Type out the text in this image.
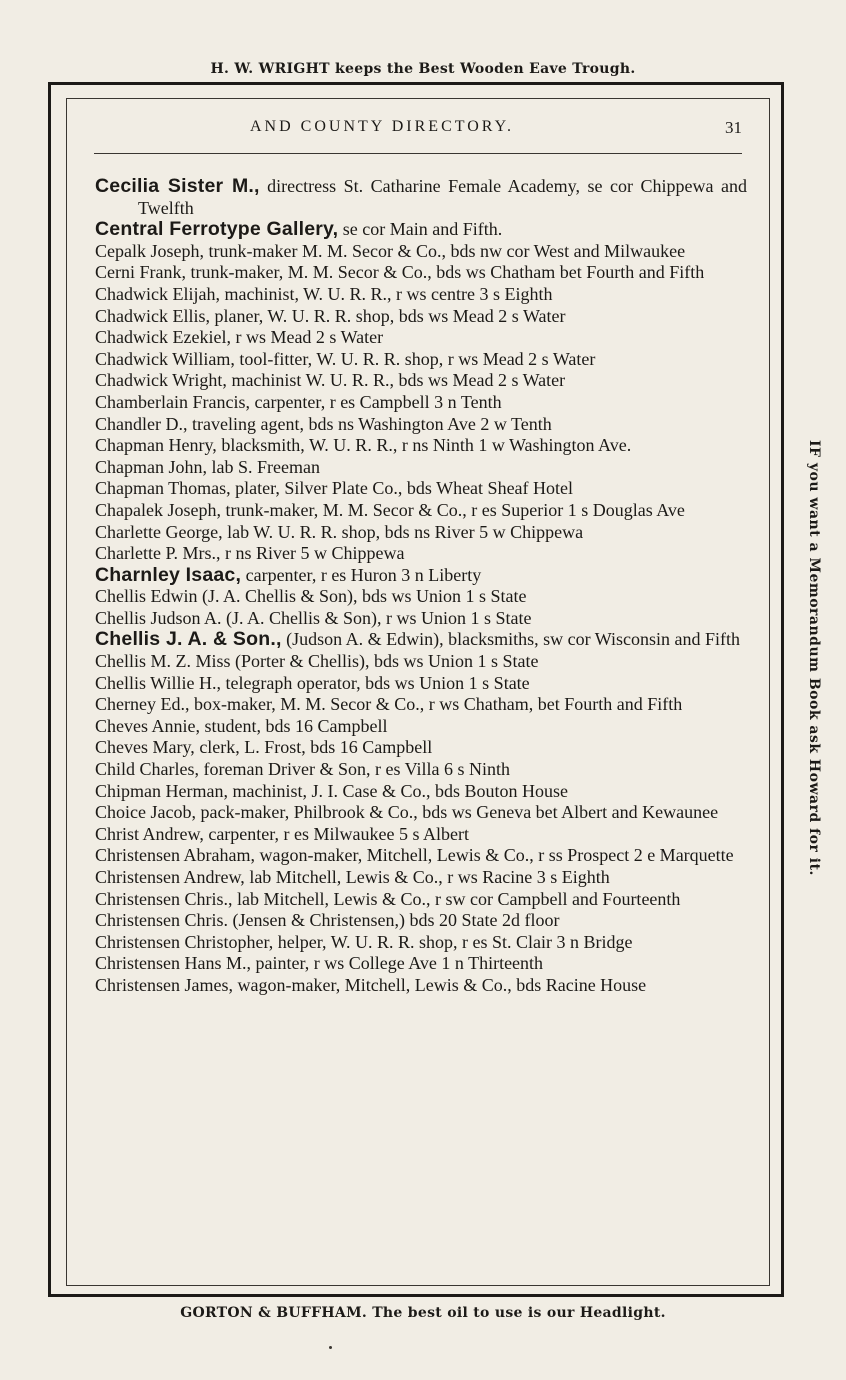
H. W. WRIGHT keeps the Best Wooden Eave Trough.
AND COUNTY DIRECTORY.	31
Cecilia Sister M., directress St. Catharine Female Academy, se cor Chippewa and Twelfth
Central Ferrotype Gallery, se cor Main and Fifth.
Cepalk Joseph, trunk-maker M. M. Secor & Co., bds nw cor West and Milwaukee
Cerni Frank, trunk-maker, M. M. Secor & Co., bds ws Chatham bet Fourth and Fifth
Chadwick Elijah, machinist, W. U. R. R., r ws centre 3 s Eighth
Chadwick Ellis, planer, W. U. R. R. shop, bds ws Mead 2 s Water
Chadwick Ezekiel, r ws Mead 2 s Water
Chadwick William, tool-fitter, W. U. R. R. shop, r ws Mead 2 s Water
Chadwick Wright, machinist W. U. R. R., bds ws Mead 2 s Water
Chamberlain Francis, carpenter, r es Campbell 3 n Tenth
Chandler D., traveling agent, bds ns Washington Ave 2 w Tenth
Chapman Henry, blacksmith, W. U. R. R., r ns Ninth 1 w Washington Ave.
Chapman John, lab S. Freeman
Chapman Thomas, plater, Silver Plate Co., bds Wheat Sheaf Hotel
Chapalek Joseph, trunk-maker, M. M. Secor & Co., r es Superior 1 s Douglas Ave
Charlette George, lab W. U. R. R. shop, bds ns River 5 w Chippewa
Charlette P. Mrs., r ns River 5 w Chippewa
Charnley Isaac, carpenter, r es Huron 3 n Liberty
Chellis Edwin (J. A. Chellis & Son), bds ws Union 1 s State
Chellis Judson A. (J. A. Chellis & Son), r ws Union 1 s State
Chellis J. A. & Son., (Judson A. & Edwin), blacksmiths, sw cor Wisconsin and Fifth
Chellis M. Z. Miss (Porter & Chellis), bds ws Union 1 s State
Chellis Willie H., telegraph operator, bds ws Union 1 s State
Cherney Ed., box-maker, M. M. Secor & Co., r ws Chatham, bet Fourth and Fifth
Cheves Annie, student, bds 16 Campbell
Cheves Mary, clerk, L. Frost, bds 16 Campbell
Child Charles, foreman Driver & Son, r es Villa 6 s Ninth
Chipman Herman, machinist, J. I. Case & Co., bds Bouton House
Choice Jacob, pack-maker, Philbrook & Co., bds ws Geneva bet Albert and Kewaunee
Christ Andrew, carpenter, r es Milwaukee 5 s Albert
Christensen Abraham, wagon-maker, Mitchell, Lewis & Co., r ss Prospect 2 e Marquette
Christensen Andrew, lab Mitchell, Lewis & Co., r ws Racine 3 s Eighth
Christensen Chris., lab Mitchell, Lewis & Co., r sw cor Campbell and Fourteenth
Christensen Chris. (Jensen & Christensen,) bds 20 State 2d floor
Christensen Christopher, helper, W. U. R. R. shop, r es St. Clair 3 n Bridge
Christensen Hans M., painter, r ws College Ave 1 n Thirteenth
Christensen James, wagon-maker, Mitchell, Lewis & Co., bds Racine House
IF you want a Memorandum Book ask Howard for it.
GORTON & BUFFHAM. The best oil to use is our Headlight.
